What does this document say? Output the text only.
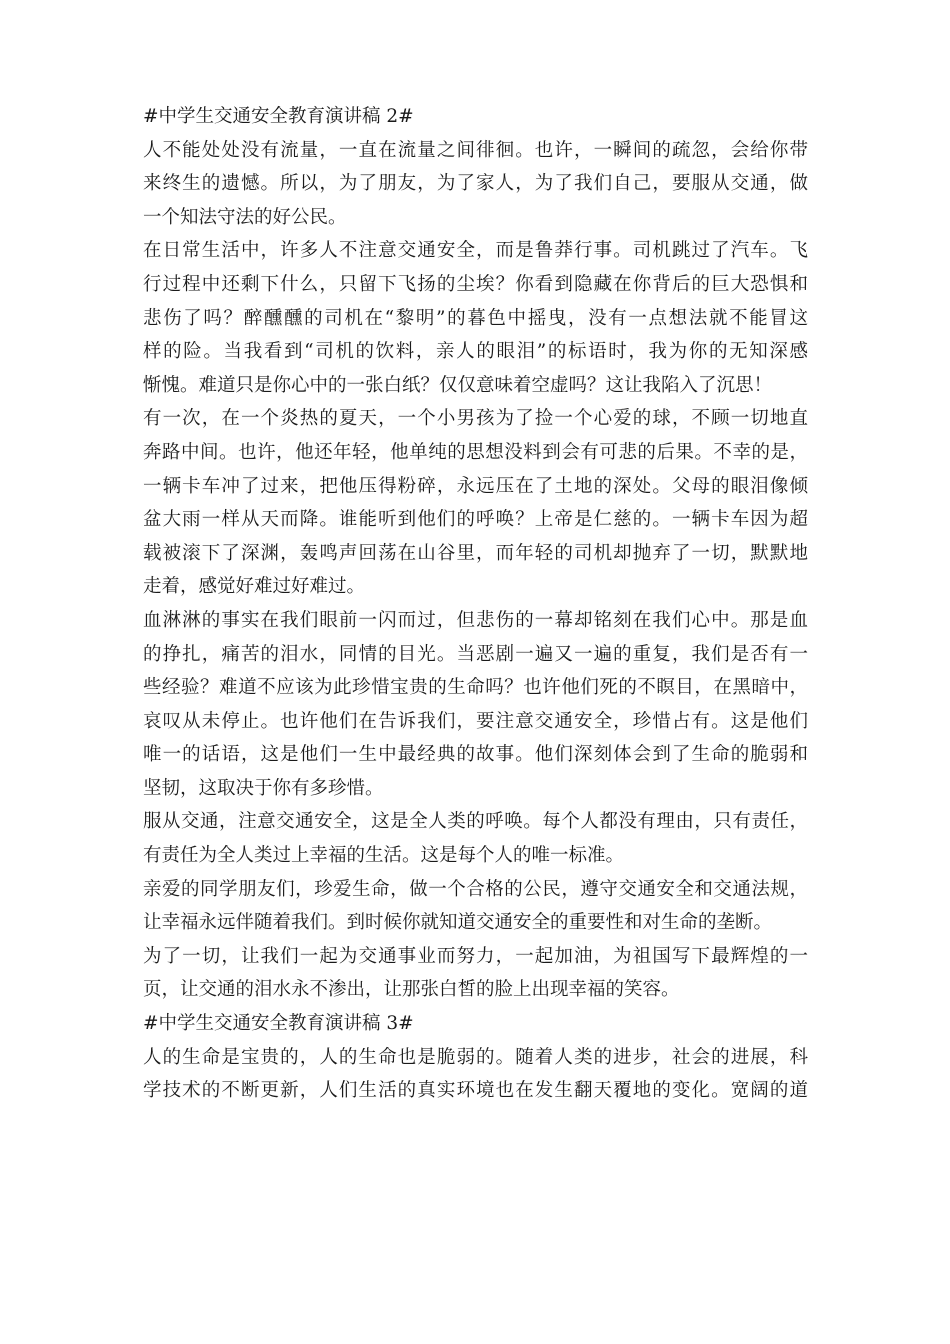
#中学生交通安全教育演讲稿 2#
人不能处处没有流量，一直在流量之间徘徊。也许，一瞬间的疏忽，会给你带
来终生的遗憾。所以，为了朋友，为了家人，为了我们自己，要服从交通，做
一个知法守法的好公民。
在日常生活中，许多人不注意交通安全，而是鲁莽行事。司机跳过了汽车。飞
行过程中还剩下什么，只留下飞扬的尘埃？你看到隐藏在你背后的巨大恐惧和
悲伤了吗？醉醺醺的司机在“黎明”的暮色中摇曳，没有一点想法就不能冒这
样的险。当我看到“司机的饮料，亲人的眼泪”的标语时，我为你的无知深感
惭愧。难道只是你心中的一张白纸？仅仅意味着空虚吗？这让我陷入了沉思！
有一次，在一个炎热的夏天，一个小男孩为了捡一个心爱的球，不顾一切地直
奔路中间。也许，他还年轻，他单纯的思想没料到会有可悲的后果。不幸的是，
一辆卡车冲了过来，把他压得粉碎，永远压在了土地的深处。父母的眼泪像倾
盆大雨一样从天而降。谁能听到他们的呼唤？上帝是仁慈的。一辆卡车因为超
载被滚下了深渊，轰鸣声回荡在山谷里，而年轻的司机却抛弃了一切，默默地
走着，感觉好难过好难过。
血淋淋的事实在我们眼前一闪而过，但悲伤的一幕却铭刻在我们心中。那是血
的挣扎，痛苦的泪水，同情的目光。当恶剧一遍又一遍的重复，我们是否有一
些经验？难道不应该为此珍惜宝贵的生命吗？也许他们死的不瞑目，在黑暗中，
哀叹从未停止。也许他们在告诉我们，要注意交通安全，珍惜占有。这是他们
唯一的话语，这是他们一生中最经典的故事。他们深刻体会到了生命的脆弱和
坚韧，这取决于你有多珍惜。
服从交通，注意交通安全，这是全人类的呼唤。每个人都没有理由，只有责任，
有责任为全人类过上幸福的生活。这是每个人的唯一标准。
亲爱的同学朋友们，珍爱生命，做一个合格的公民，遵守交通安全和交通法规，
让幸福永远伴随着我们。到时候你就知道交通安全的重要性和对生命的垄断。
为了一切，让我们一起为交通事业而努力，一起加油，为祖国写下最辉煌的一
页，让交通的泪水永不渗出，让那张白皙的脸上出现幸福的笑容。
#中学生交通安全教育演讲稿 3#
人的生命是宝贵的，人的生命也是脆弱的。随着人类的进步，社会的进展，科
学技术的不断更新，人们生活的真实环境也在发生翻天覆地的变化。宽阔的道
